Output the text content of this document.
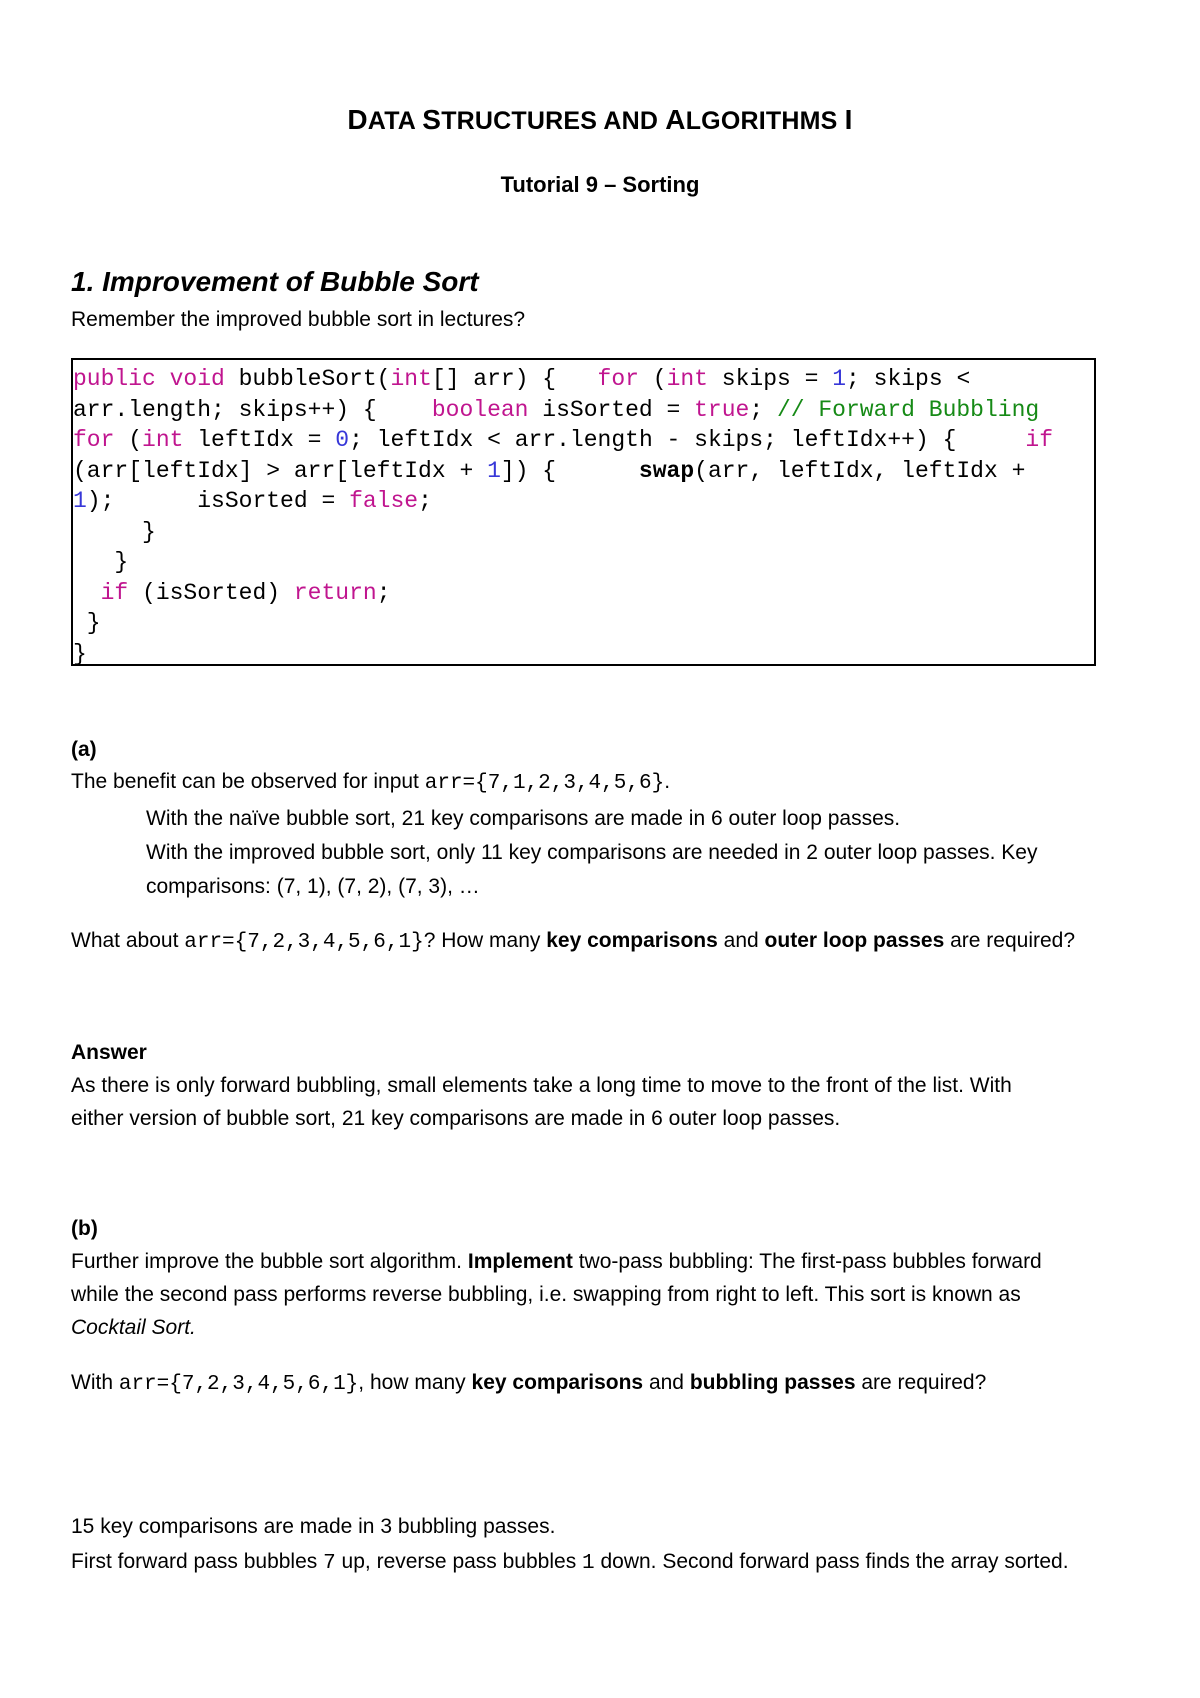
DATA STRUCTURES AND ALGORITHMS I
Tutorial 9 – Sorting
1. Improvement of Bubble Sort
Remember the improved bubble sort in lectures?
public void bubbleSort(int[] arr) {   for (int skips = 1; skips <
arr.length; skips++) {    boolean isSorted = true; // Forward Bubbling
for (int leftIdx = 0; leftIdx < arr.length - skips; leftIdx++) {     if
(arr[leftIdx] > arr[leftIdx + 1]) {      swap(arr, leftIdx, leftIdx +
1);      isSorted = false;
}
}
if (isSorted) return;
}
}
(a)
The benefit can be observed for input arr={7,1,2,3,4,5,6}.
With the naïve bubble sort, 21 key comparisons are made in 6 outer loop passes.
With the improved bubble sort, only 11 key comparisons are needed in 2 outer loop passes. Key
comparisons: (7, 1), (7, 2), (7, 3), …
What about arr={7,2,3,4,5,6,1}? How many key comparisons and outer loop passes are required?
Answer
As there is only forward bubbling, small elements take a long time to move to the front of the list. With
either version of bubble sort, 21 key comparisons are made in 6 outer loop passes.
(b)
Further improve the bubble sort algorithm. Implement two-pass bubbling: The first-pass bubbles forward
while the second pass performs reverse bubbling, i.e. swapping from right to left. This sort is known as
Cocktail Sort.
With arr={7,2,3,4,5,6,1}, how many key comparisons and bubbling passes are required?
15 key comparisons are made in 3 bubbling passes.
First forward pass bubbles 7 up, reverse pass bubbles 1 down. Second forward pass finds the array sorted.
